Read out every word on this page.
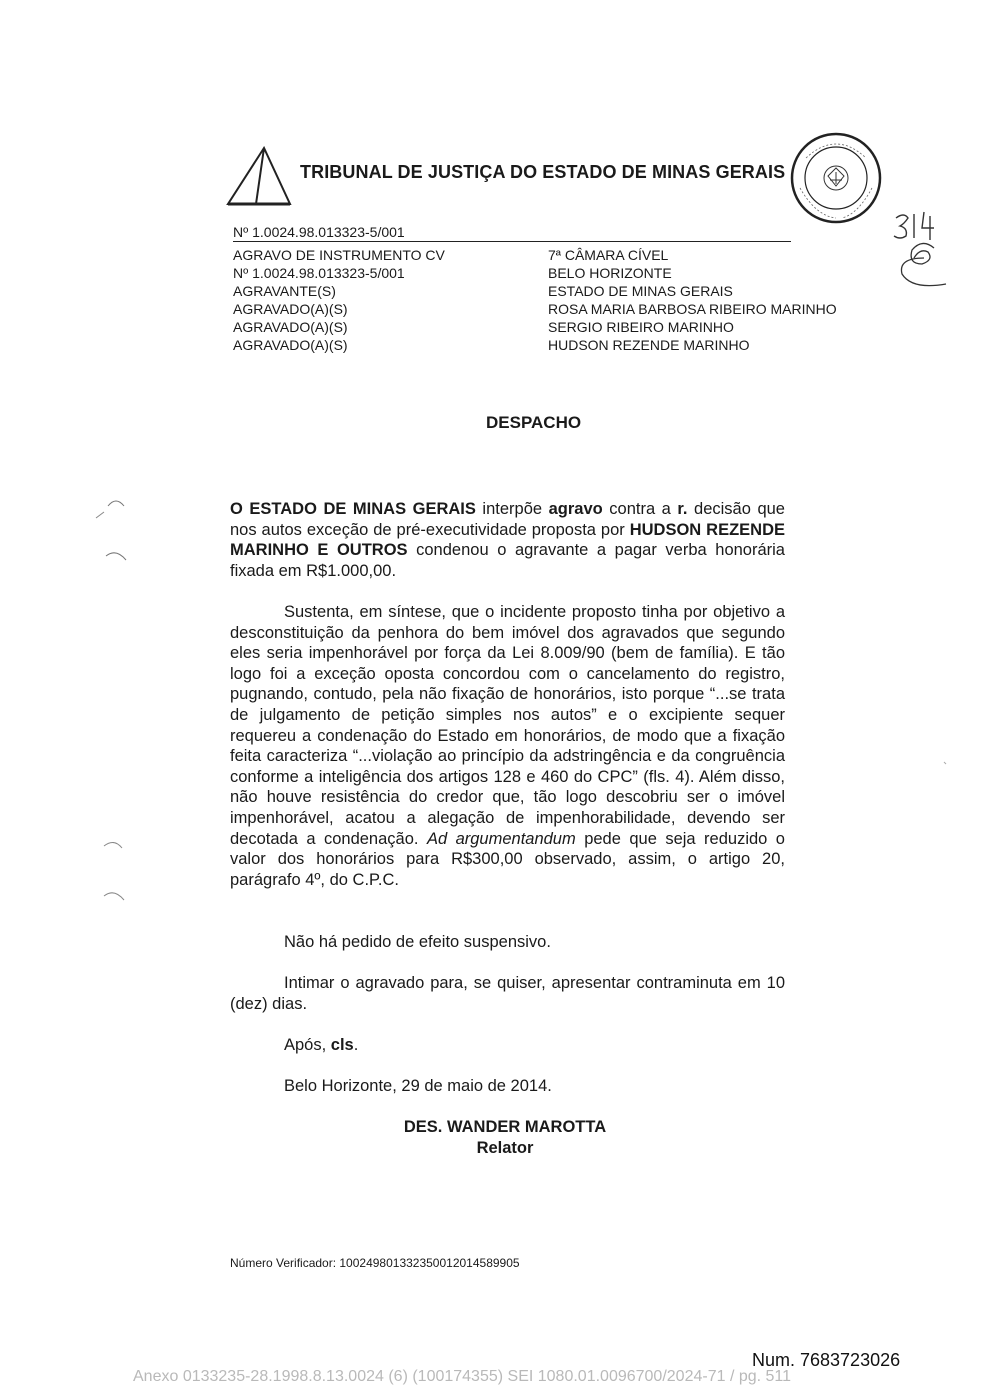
TRIBUNAL DE JUSTIÇA DO ESTADO DE MINAS GERAIS
Nº 1.0024.98.013323-5/001
AGRAVO DE INSTRUMENTO CV
Nº 1.0024.98.013323-5/001
AGRAVANTE(S)
AGRAVADO(A)(S)
AGRAVADO(A)(S)
AGRAVADO(A)(S)
7ª CÂMARA CÍVEL
BELO HORIZONTE
ESTADO DE MINAS GERAIS
ROSA MARIA BARBOSA RIBEIRO MARINHO
SERGIO RIBEIRO MARINHO
HUDSON REZENDE MARINHO
DESPACHO

O ESTADO DE MINAS GERAIS interpõe agravo contra a r. decisão que nos autos exceção de pré-executividade proposta por HUDSON REZENDE MARINHO E OUTROS condenou o agravante a pagar verba honorária fixada em R$1.000,00.

Sustenta, em síntese, que o incidente proposto tinha por objetivo a desconstituição da penhora do bem imóvel dos agravados que segundo eles seria impenhorável por força da Lei 8.009/90 (bem de família). E tão logo foi a exceção oposta concordou com o cancelamento do registro, pugnando, contudo, pela não fixação de honorários, isto porque “...se trata de julgamento de petição simples nos autos” e o excipiente sequer requereu a condenação do Estado em honorários, de modo que a fixação feita caracteriza “...violação ao princípio da adstringência e da congruência conforme a inteligência dos artigos 128 e 460 do CPC” (fls. 4). Além disso, não houve resistência do credor que, tão logo descobriu ser o imóvel impenhorável, acatou a alegação de impenhorabilidade, devendo ser decotada a condenação. Ad argumentandum pede que seja reduzido o valor dos honorários para R$300,00 observado, assim, o artigo 20, parágrafo 4º, do C.P.C.

Não há pedido de efeito suspensivo.

Intimar o agravado para, se quiser, apresentar contraminuta em 10 (dez) dias.

Após, cls.

Belo Horizonte, 29 de maio de 2014.

DES. WANDER MAROTTA
Relator
Número Verificador: 10024980133235001201458990​5
Num. 7683723026
Anexo 0133235-28.1998.8.13.0024 (6) (100174355) SEI 1080.01.0096700/2024-71 / pg. 511
